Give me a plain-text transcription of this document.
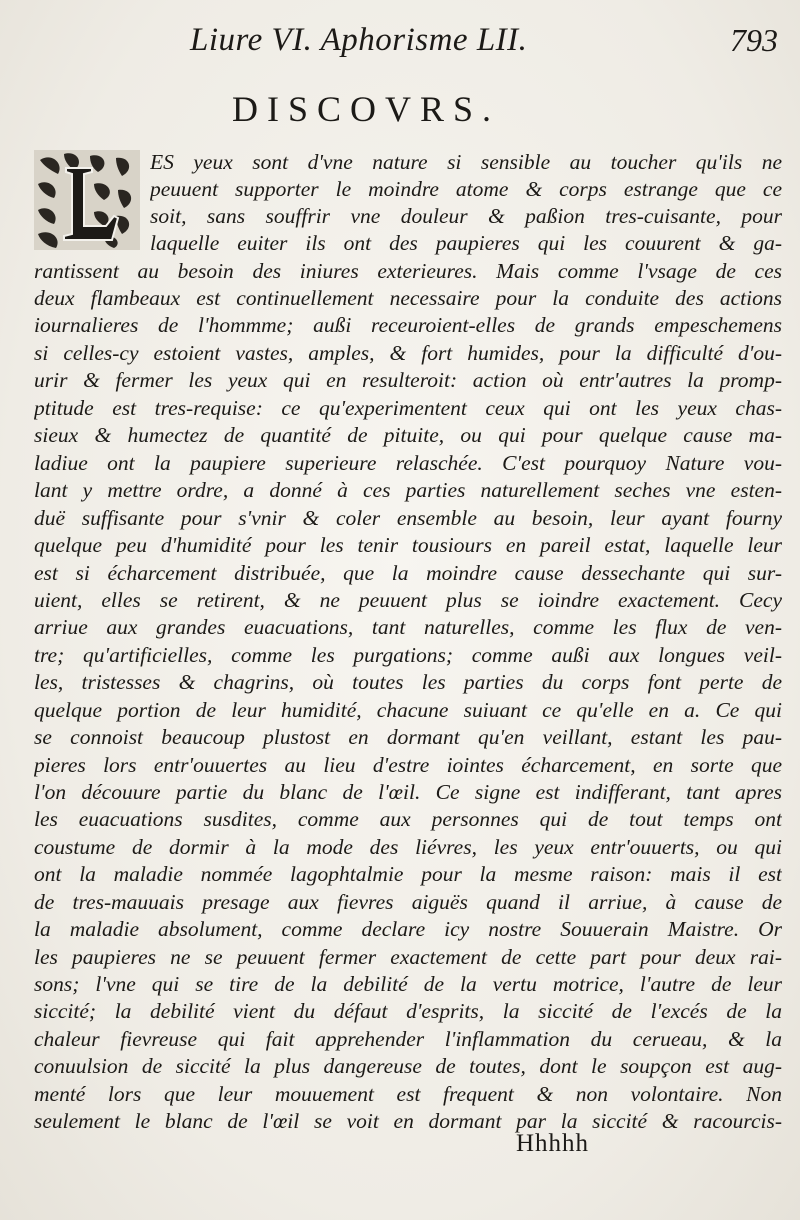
Liure VI. Aphorisme LII.	793
DISCOVRS.
ES yeux sont d'vne nature si sensible au toucher qu'ils ne
peuuent supporter le moindre atome & corps estrange que ce
soit, sans souffrir vne douleur & paßion tres-cuisante, pour
laquelle euiter ils ont des paupieres qui les couurent & ga-
rantissent au besoin des iniures exterieures. Mais comme l'vsage de ces
deux flambeaux est continuellement necessaire pour la conduite des actions
iournalieres de l'hommme; außi receuroient-elles de grands empeschemens
si celles-cy estoient vastes, amples, & fort humides, pour la difficulté d'ou-
urir & fermer les yeux qui en resulteroit: action où entr'autres la promp-
ptitude est tres-requise: ce qu'experimentent ceux qui ont les yeux chas-
sieux & humectez de quantité de pituite, ou qui pour quelque cause ma-
ladiue ont la paupiere superieure relaschée. C'est pourquoy Nature vou-
lant y mettre ordre, a donné à ces parties naturellement seches vne esten-
duë suffisante pour s'vnir & coler ensemble au besoin, leur ayant fourny
quelque peu d'humidité pour les tenir tousiours en pareil estat, laquelle leur
est si écharcement distribuée, que la moindre cause dessechante qui sur-
uient, elles se retirent, & ne peuuent plus se ioindre exactement. Cecy
arriue aux grandes euacuations, tant naturelles, comme les flux de ven-
tre; qu'artificielles, comme les purgations; comme außi aux longues veil-
les, tristesses & chagrins, où toutes les parties du corps font perte de
quelque portion de leur humidité, chacune suiuant ce qu'elle en a. Ce qui
se connoist beaucoup plustost en dormant qu'en veillant, estant les pau-
pieres lors entr'ouuertes au lieu d'estre iointes écharcement, en sorte que
l'on découure partie du blanc de l'œil. Ce signe est indifferant, tant apres
les euacuations susdites, comme aux personnes qui de tout temps ont
coustume de dormir à la mode des liévres, les yeux entr'ouuerts, ou qui
ont la maladie nommée lagophtalmie pour la mesme raison: mais il est
de tres-mauuais presage aux fievres aiguës quand il arriue, à cause de
la maladie absolument, comme declare icy nostre Souuerain Maistre. Or
les paupieres ne se peuuent fermer exactement de cette part pour deux rai-
sons; l'vne qui se tire de la debilité de la vertu motrice, l'autre de leur
siccité; la debilité vient du défaut d'esprits, la siccité de l'excés de la
chaleur fievreuse qui fait apprehender l'inflammation du cerueau, & la
conuulsion de siccité la plus dangereuse de toutes, dont le soupçon est aug-
menté lors que leur mouuement est frequent & non volontaire. Non
seulement le blanc de l'œil se voit en dormant par la siccité & racourcis-
Hhhhh
